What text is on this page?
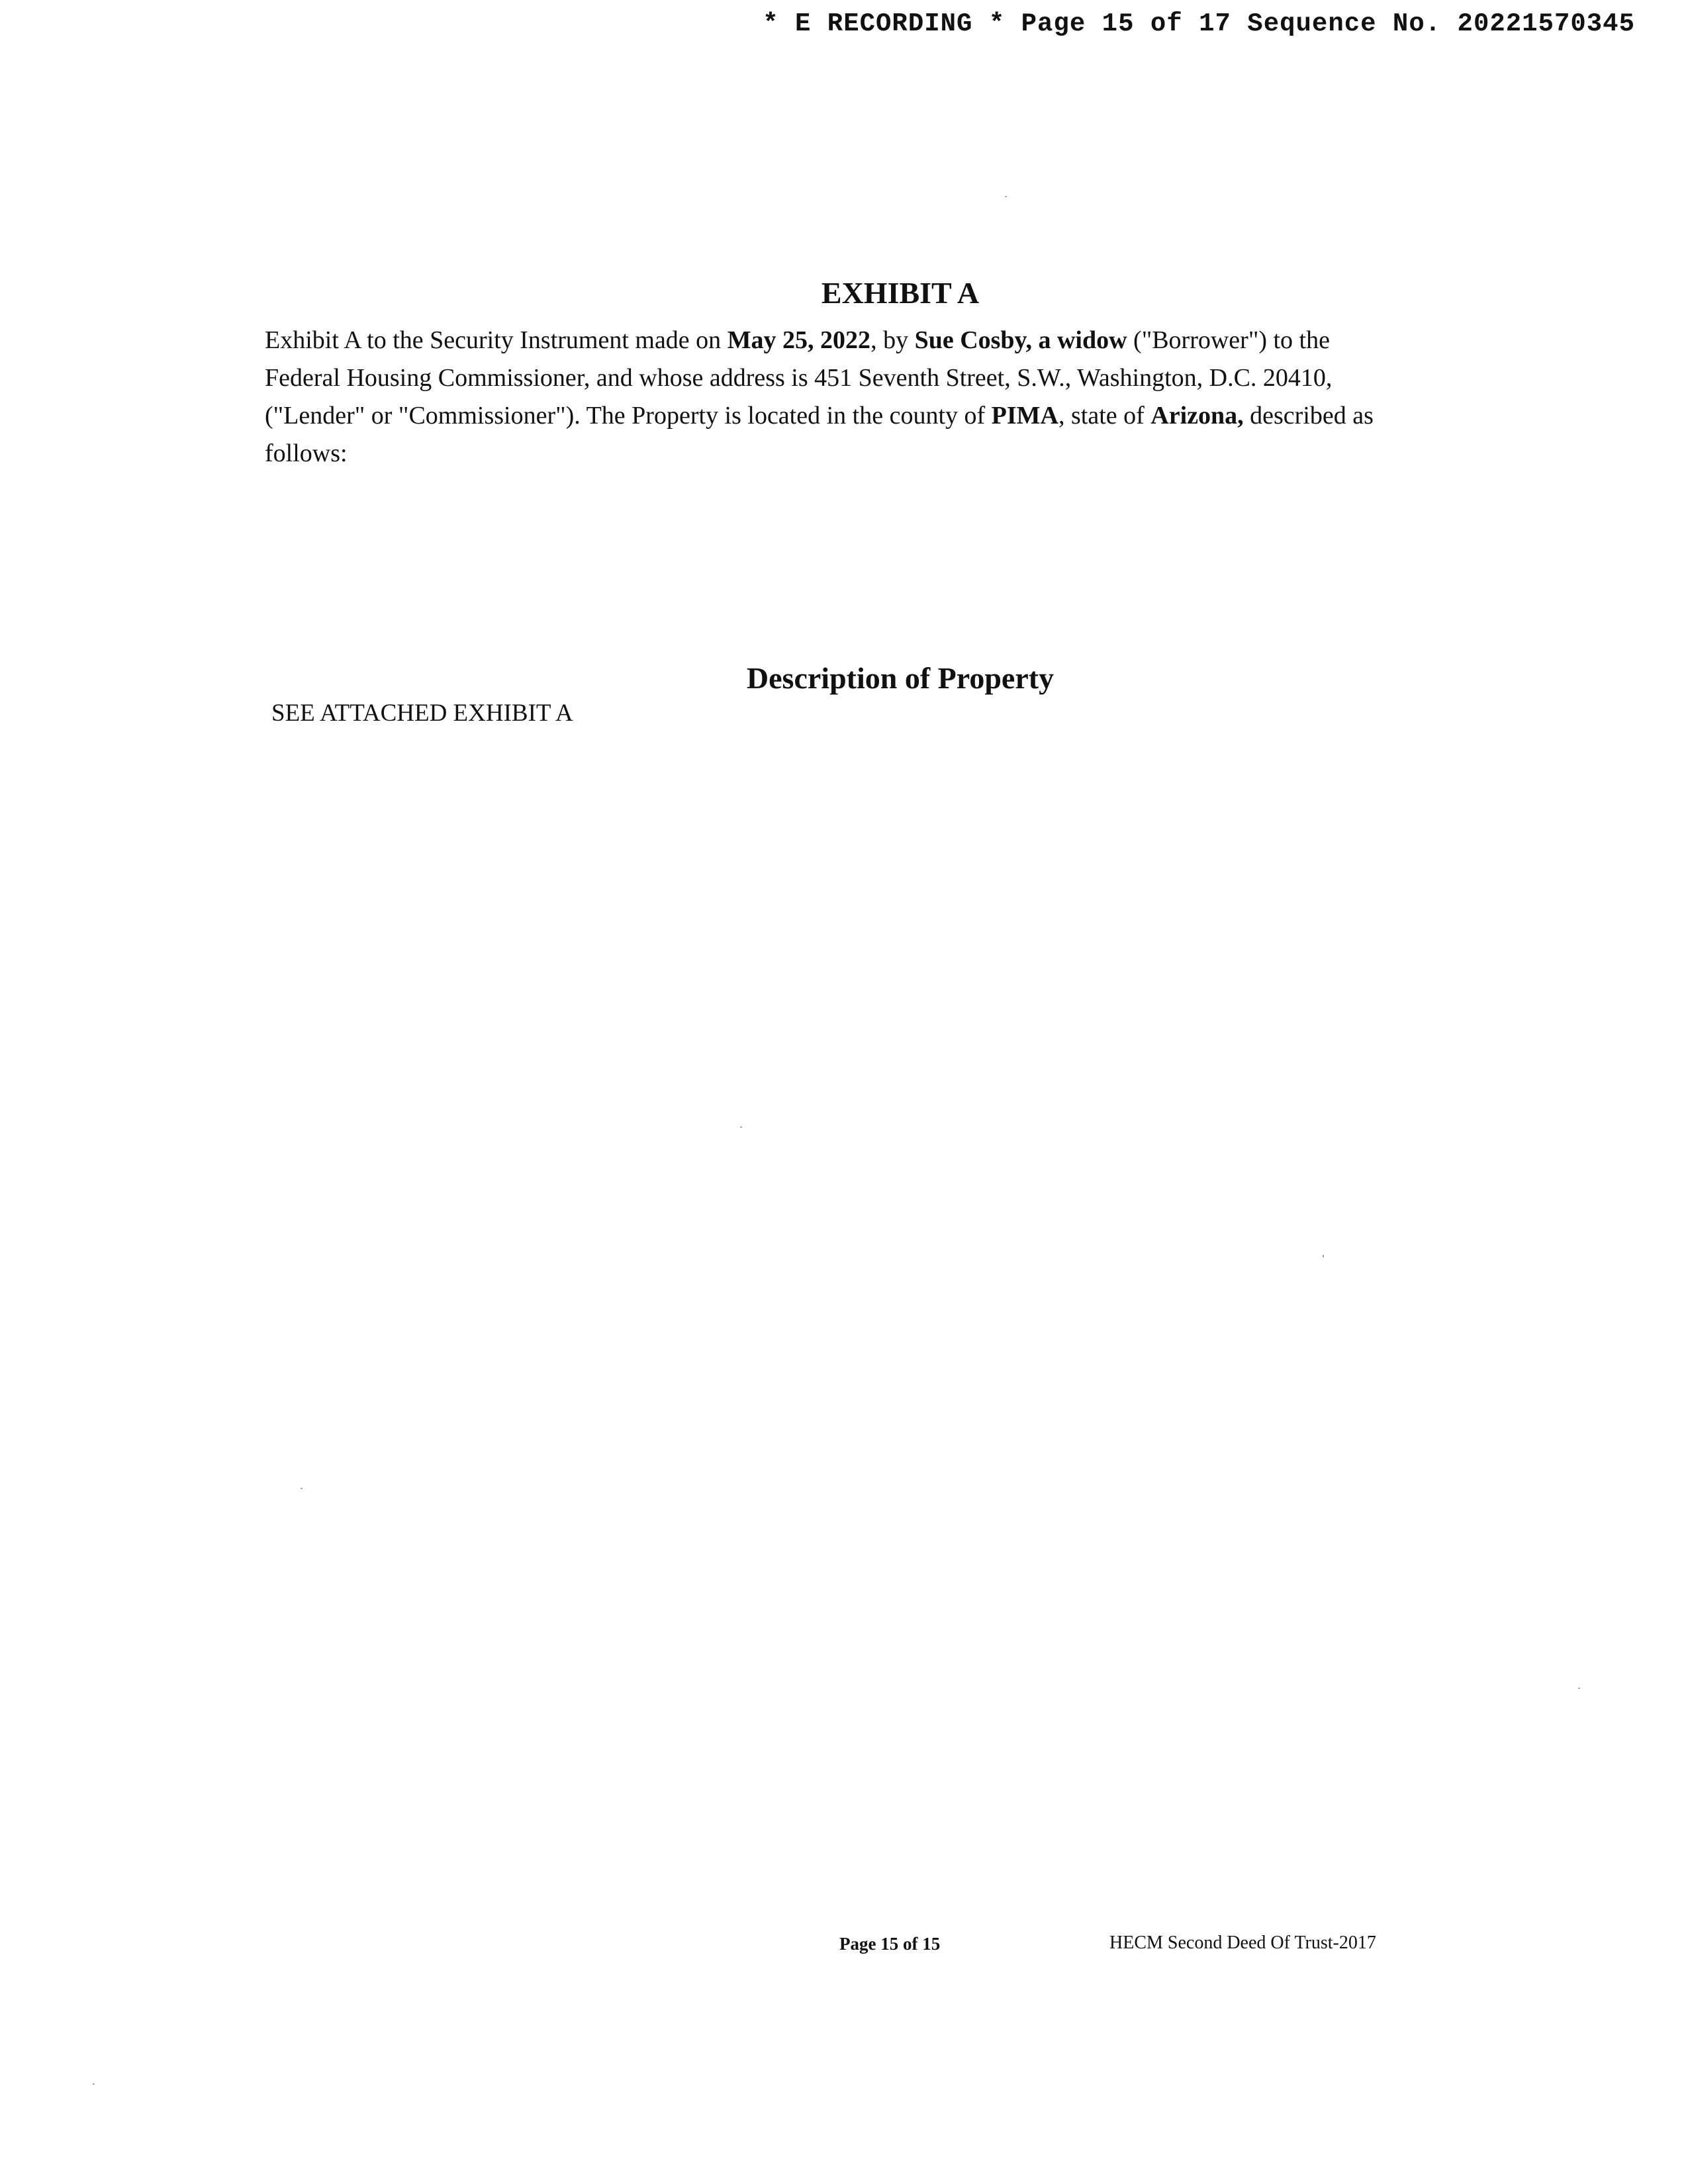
* E RECORDING * Page 15 of 17 Sequence No. 20221570345
EXHIBIT A
Exhibit A to the Security Instrument made on May 25, 2022, by Sue Cosby, a widow ("Borrower") to the Federal Housing Commissioner, and whose address is 451 Seventh Street, S.W., Washington, D.C. 20410, ("Lender" or "Commissioner"). The Property is located in the county of PIMA, state of Arizona, described as follows:
Description of Property
SEE ATTACHED EXHIBIT A
Page 15 of 15	HECM Second Deed Of Trust-2017
